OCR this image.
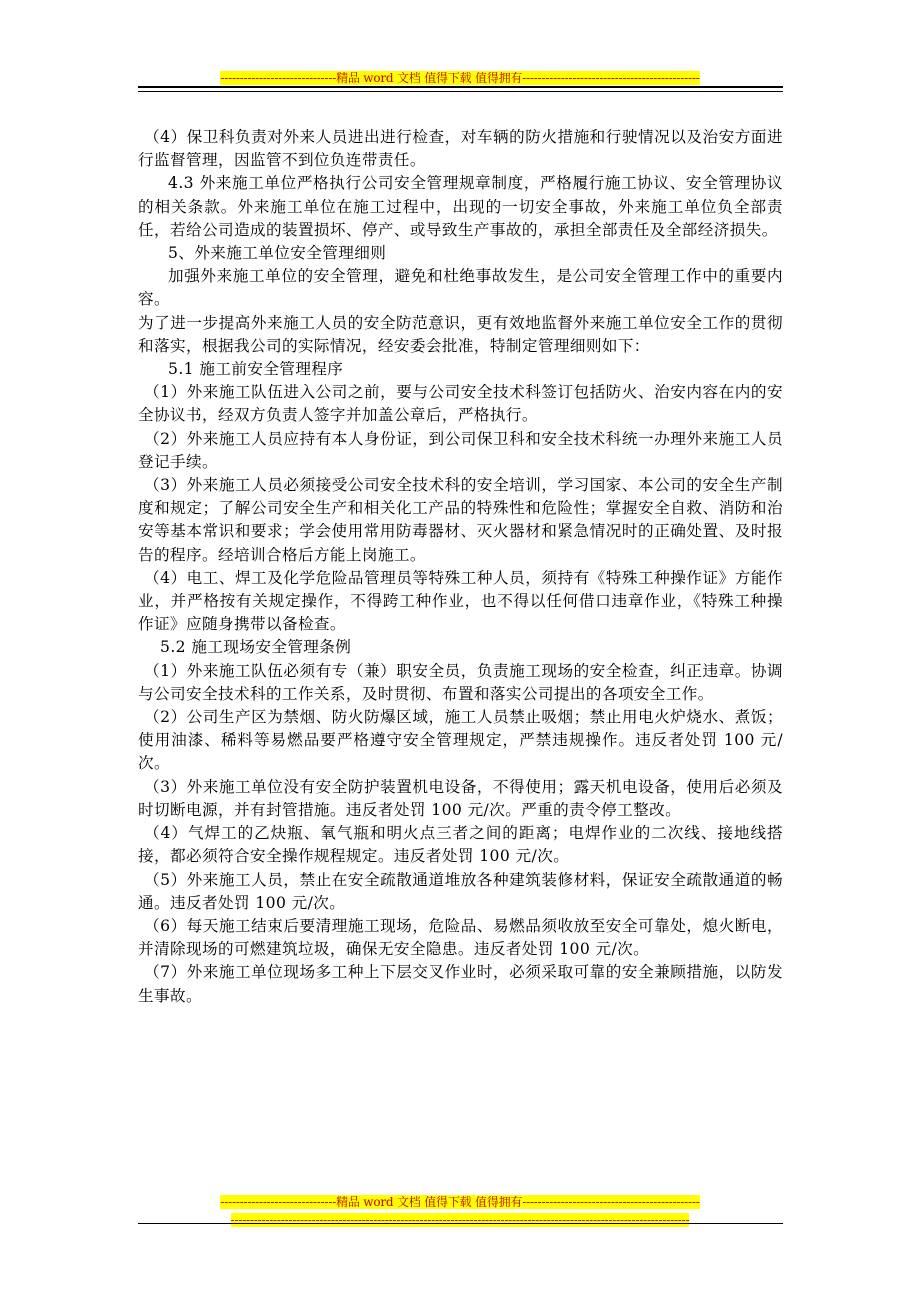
------------------------------精品 word 文档 值得下载 值得拥有----------------------------------------------

（4）保卫科负责对外来人员进出进行检查，对车辆的防火措施和行驶情况以及治安方面进行监督管理，因监管不到位负连带责任。

4.3 外来施工单位严格执行公司安全管理规章制度，严格履行施工协议、安全管理协议的相关条款。外来施工单位在施工过程中，出现的一切安全事故，外来施工单位负全部责任，若给公司造成的装置损坏、停产、或导致生产事故的，承担全部责任及全部经济损失。

5、外来施工单位安全管理细则

加强外来施工单位的安全管理，避免和杜绝事故发生，是公司安全管理工作中的重要内容。

为了进一步提高外来施工人员的安全防范意识，更有效地监督外来施工单位安全工作的贯彻和落实，根据我公司的实际情况，经安委会批准，特制定管理细则如下：

5.1 施工前安全管理程序

（1）外来施工队伍进入公司之前，要与公司安全技术科签订包括防火、治安内容在内的安全协议书，经双方负责人签字并加盖公章后，严格执行。

（2）外来施工人员应持有本人身份证，到公司保卫科和安全技术科统一办理外来施工人员登记手续。

（3）外来施工人员必须接受公司安全技术科的安全培训，学习国家、本公司的安全生产制度和规定；了解公司安全生产和相关化工产品的特殊性和危险性；掌握安全自救、消防和治安等基本常识和要求；学会使用常用防毒器材、灭火器材和紧急情况时的正确处置、及时报告的程序。经培训合格后方能上岗施工。

（4）电工、焊工及化学危险品管理员等特殊工种人员，须持有《特殊工种操作证》方能作业，并严格按有关规定操作，不得跨工种作业，也不得以任何借口违章作业，《特殊工种操作证》应随身携带以备检查。

5.2 施工现场安全管理条例

（1）外来施工队伍必须有专（兼）职安全员，负责施工现场的安全检查，纠正违章。协调与公司安全技术科的工作关系，及时贯彻、布置和落实公司提出的各项安全工作。

（2）公司生产区为禁烟、防火防爆区域，施工人员禁止吸烟；禁止用电火炉烧水、煮饭；使用油漆、稀料等易燃品要严格遵守安全管理规定，严禁违规操作。违反者处罚 100 元/次。

（3）外来施工单位没有安全防护装置机电设备，不得使用；露天机电设备，使用后必须及时切断电源，并有封管措施。违反者处罚 100 元/次。严重的责令停工整改。

（4）气焊工的乙炔瓶、氧气瓶和明火点三者之间的距离；电焊作业的二次线、接地线搭接，都必须符合安全操作规程规定。违反者处罚 100 元/次。

（5）外来施工人员，禁止在安全疏散通道堆放各种建筑装修材料，保证安全疏散通道的畅通。违反者处罚 100 元/次。

（6）每天施工结束后要清理施工现场，危险品、易燃品须收放至安全可靠处，熄火断电，并清除现场的可燃建筑垃圾，确保无安全隐患。违反者处罚 100 元/次。

（7）外来施工单位现场多工种上下层交叉作业时，必须采取可靠的安全兼顾措施，以防发生事故。

------------------------------精品 word 文档 值得下载 值得拥有----------------------------------------------
-----------------------------------------------------------------------------------------------------------------------
